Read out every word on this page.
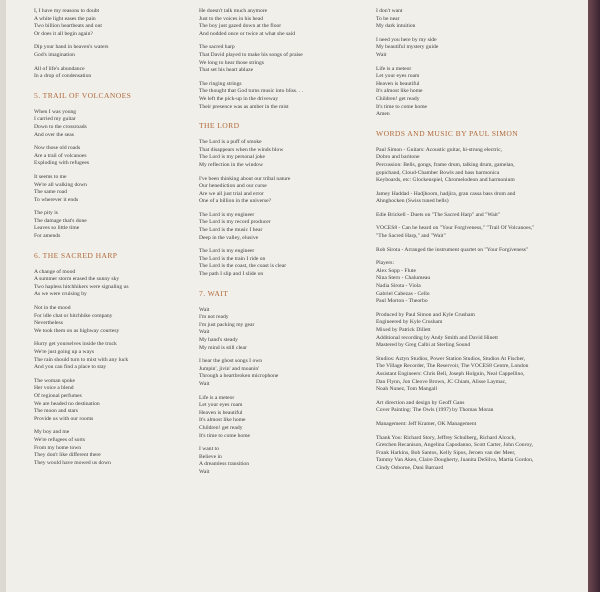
I, I have my reasons to doubt
A white light eases the pain
Two billion heartbeats and out
Or does it all begin again?
Dip your hand in heaven's waters
God's imagination
All of life's abundance
In a drop of condensation
5. TRAIL OF VOLCANOES
When I was young
I carried my guitar
Down to the crossroads
And over the seas
Now those old roads
Are a trail of volcanoes
Exploding with refugees
It seems to me
We're all walking down
The same road
To wherever it ends
The pity is
The damage that's done
Leaves so little time
For amends
6. THE SACRED HARP
A change of mood
A summer storm erased the sunny sky
Two hapless hitchhikers were signaling us
As we were cruising by
Not in the mood
For idle chat or hitchhike company
Nevertheless
We took them on as highway courtesy
Hurry get yourselves inside the truck
We're just going up a ways
The rain should turn to mist with any luck
And you can find a place to stay
The woman spoke
Her voice a blend
Of regional perfumes
We are headed no destination
The moon and stars
Provide us with our rooms
My boy and me
We're refugees of sorts
From my home town
They don't like different there
They would have mowed us down
He doesn't talk much anymore
Just to the voices in his head
The boy just gazed down at the floor
And nodded once or twice at what she said
The sacred harp
That David played to make his songs of praise
We long to hear those strings
That set his heart ablaze
The ringing strings
The thought that God turns music into bliss. . .
We left the pick-up in the driveway
Their presence was as amber in the mist
THE LORD
The Lord is a puff of smoke
That disappears when the winds blow
The Lord is my personal joke
My reflection in the window
I've been thinking about our tribal nature
Our benediction and our curse
Are we all just trial and error
One of a billion in the universe?
The Lord is my engineer
The Lord is my record producer
The Lord is the music I hear
Deep in the valley, elusive
The Lord is my engineer
The Lord is the train I ride on
The Lord is the coast, the coast is clear
The path I slip and I slide on
7. WAIT
Wait
I'm not ready
I'm just packing my gear
Wait
My hand's steady
My mind is still clear
I hear the ghost songs I own
Jumpin', jivin' and moanin'
Through a heartbroken microphone
Wait
Life is a meteor
Let your eyes roam
Heaven is beautiful
It's almost like home
Children! get ready
It's time to come home
I want to
Believe in
A dreamless transition
Wait
I don't want
To be near
My dark intuition
I need you here by my side
My beautiful mystery guide
Wait
Life is a meteor
Let your eyes roam
Heaven is beautiful
It's almost like home
Children! get ready
It's time to come home
Amen
WORDS AND MUSIC BY PAUL SIMON
Paul Simon - Guitars: Acoustic guitar, hi-strung electric,
Dobro and baritone
Percussion: Bells, gongs, frame drum, talking drum, gamelan,
gopichand, Cloud-Chamber Bowls and bass harmonica
Keyboards, etc: Glockenspiel, Chromelodeon and harmonium
Jamey Haddad - Hadjhoom, hadjira, gran cassa bass drum and
Ahnghocken (Swiss tuned bells)
Edie Brickell - Duets on "The Sacred Harp" and "Wait"
VOCES8 - Can be heard on "Your Forgiveness," "Trail Of Volcanoes,"
"The Sacred Harp," and "Wait"
Rob Sirota - Arranged the instrument quartet on "Your Forgiveness"
Players:
Alex Sopp - Flute
Nina Stern - Chalumeau
Nadia Sirota - Viola
Gabriel Cabezas - Cello
Paul Morton - Theorbo
Produced by Paul Simon and Kyle Crusham
Engineered by Kyle Crusham
Mixed by Patrick Dillett
Additional recording by Andy Smith and David Hinett
Mastered by Greg Calbi at Sterling Sound
Studios: Aztyn Studios, Power Station Studios, Studios At Fischer,
The Village Recorder, The Reservoir, The VOCES8 Centre, London
Assistant Engineers: Chris Bell, Joseph Holguin, Neal Cappellino,
Dan Flynn, Jon Cleove Brown, JC Chiam, Alisse Laymac,
Noah Nunez, Tom Mangall
Art direction and design by Geoff Gans
Cover Painting: The Owls (1997) by Thomas Moran
Management: Jeff Kramer, OK Management
Thank You: Richard Story, Jeffrey Schulberg, Richard Alcock,
Gretchen Recanison, Angelina Capodanno, Scott Carter, John Conroy,
Frank Harkins, Bob Santos, Kelly Sipos, Jeroen van der Meer,
Tammy Van Aken, Claire Dougherty, Juanita DeSilva, Martia Gordon,
Cindy Osborne, Dani Barnard
